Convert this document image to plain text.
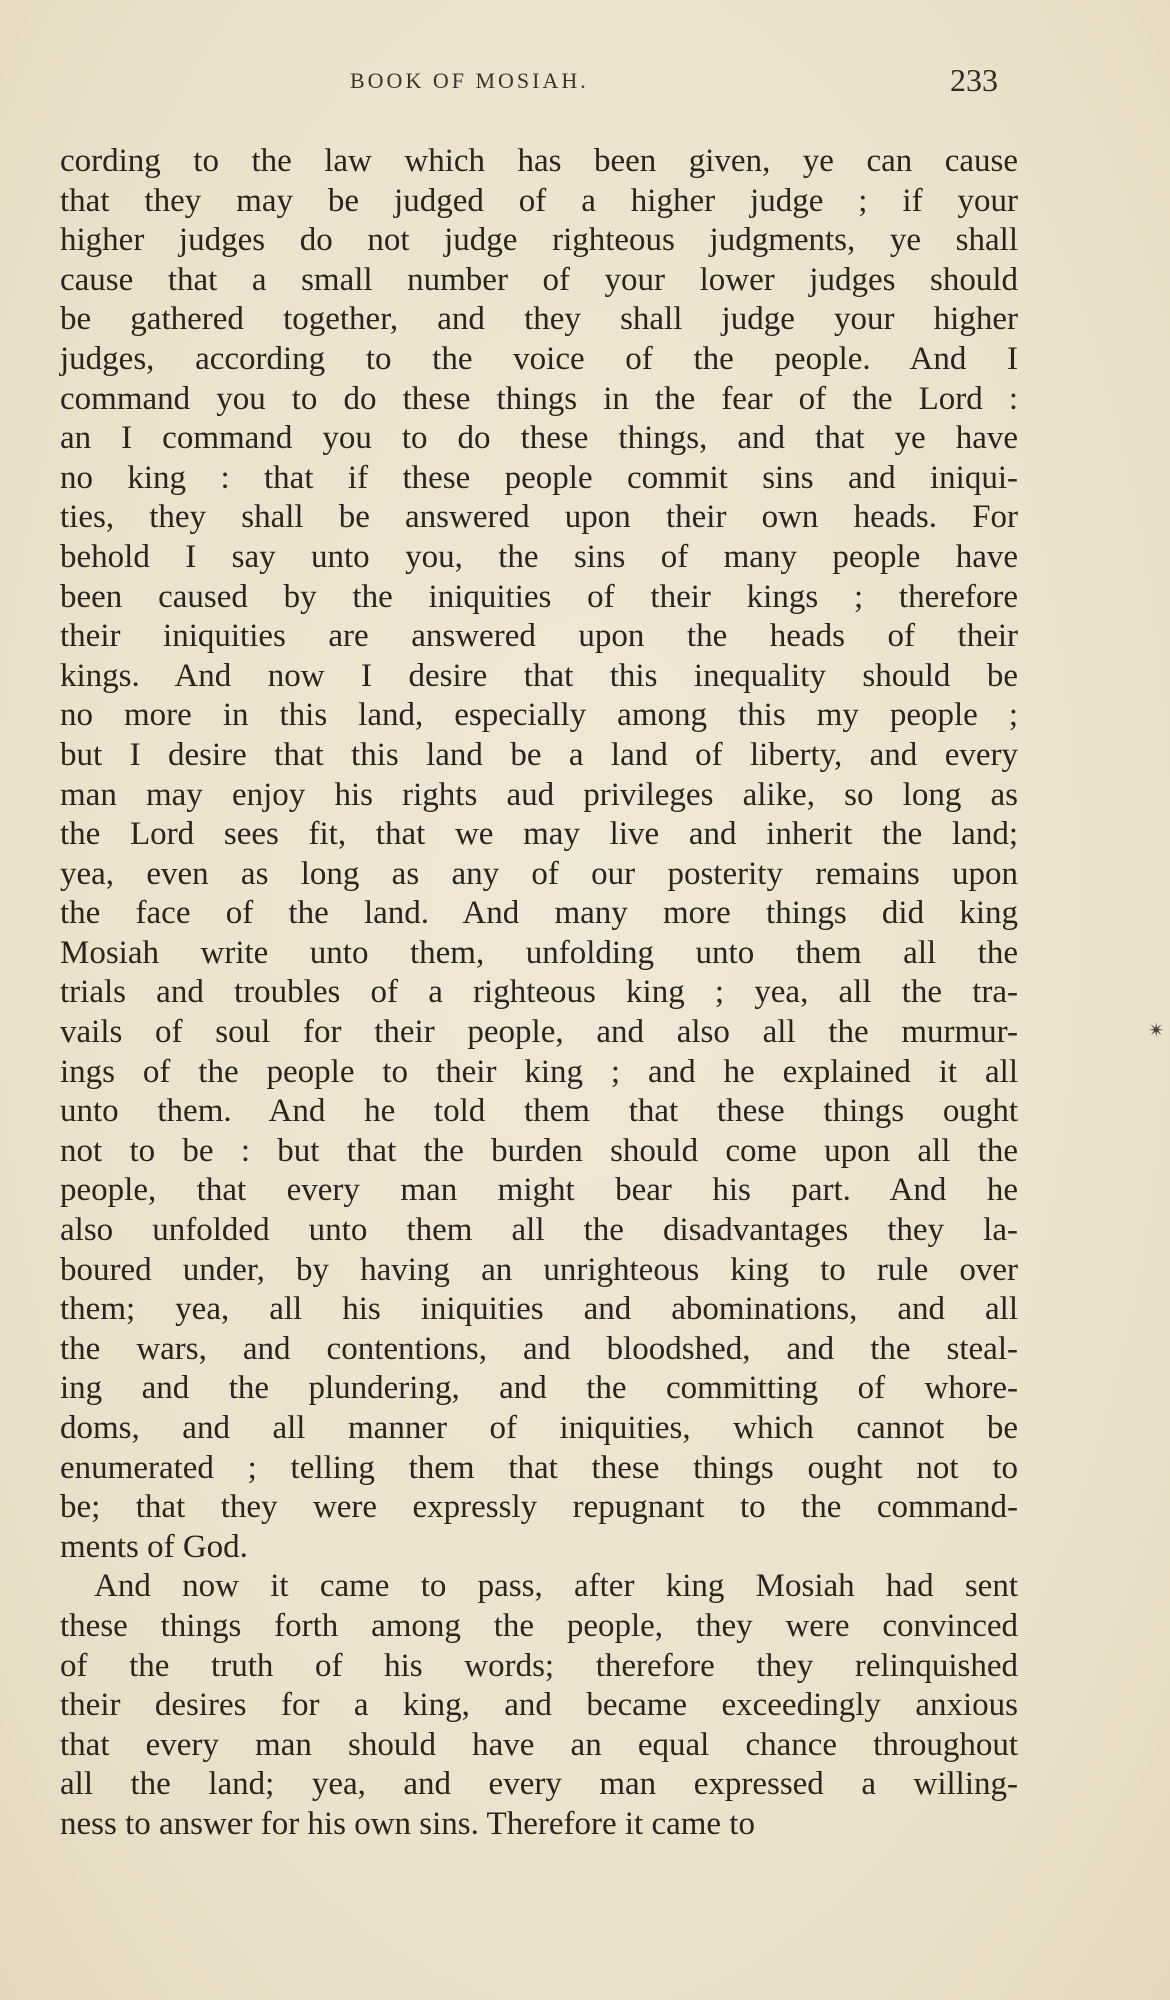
BOOK OF MOSIAH.	233
✴
cording to the law which has been given, ye can cause
that they may be judged of a higher judge ; if your
higher judges do not judge righteous judgments, ye shall
cause that a small number of your lower judges should
be gathered together, and they shall judge your higher
judges, according to the voice of the people. And I
command you to do these things in the fear of the Lord :
an I command you to do these things, and that ye have
no king : that if these people commit sins and iniqui-
ties, they shall be answered upon their own heads. For
behold I say unto you, the sins of many people have
been caused by the iniquities of their kings ; therefore
their iniquities are answered upon the heads of their
kings. And now I desire that this inequality should be
no more in this land, especially among this my people ;
but I desire that this land be a land of liberty, and every
man may enjoy his rights aud privileges alike, so long as
the Lord sees fit, that we may live and inherit the land;
yea, even as long as any of our posterity remains upon
the face of the land. And many more things did king
Mosiah write unto them, unfolding unto them all the
trials and troubles of a righteous king ; yea, all the tra-
vails of soul for their people, and also all the murmur-
ings of the people to their king ; and he explained it all
unto them. And he told them that these things ought
not to be : but that the burden should come upon all the
people, that every man might bear his part. And he
also unfolded unto them all the disadvantages they la-
boured under, by having an unrighteous king to rule over
them; yea, all his iniquities and abominations, and all
the wars, and contentions, and bloodshed, and the steal-
ing and the plundering, and the committing of whore-
doms, and all manner of iniquities, which cannot be
enumerated ; telling them that these things ought not to
be; that they were expressly repugnant to the command-
ments of God.
And now it came to pass, after king Mosiah had sent
these things forth among the people, they were convinced
of the truth of his words; therefore they relinquished
their desires for a king, and became exceedingly anxious
that every man should have an equal chance throughout
all the land; yea, and every man expressed a willing-
ness to answer for his own sins. Therefore it came to
